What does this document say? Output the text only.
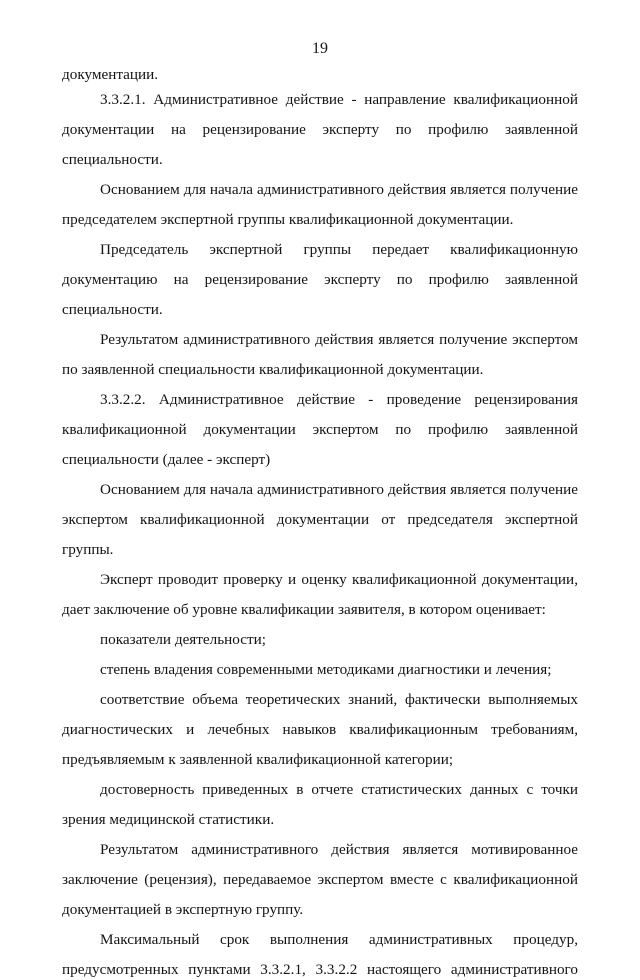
19
документации.
3.3.2.1. Административное действие - направление квалификационной
документации на рецензирование эксперту по профилю заявленной
специальности.
Основанием для начала административного действия является получение
председателем экспертной группы квалификационной документации.
Председатель экспертной группы передает квалификационную
документацию на рецензирование эксперту по профилю заявленной
специальности.
Результатом административного действия является получение экспертом
по заявленной специальности квалификационной документации.
3.3.2.2. Административное действие - проведение рецензирования
квалификационной документации экспертом по профилю заявленной
специальности (далее - эксперт)
Основанием для начала административного действия является получение
экспертом квалификационной документации от председателя экспертной
группы.
Эксперт проводит проверку и оценку квалификационной документации,
дает заключение об уровне квалификации заявителя, в котором оценивает:
показатели деятельности;
степень владения современными методиками диагностики и лечения;
соответствие объема теоретических знаний, фактически выполняемых
диагностических и лечебных навыков квалификационным требованиям,
предъявляемым к заявленной квалификационной категории;
достоверность приведенных в отчете статистических данных с точки
зрения медицинской статистики.
Результатом административного действия является мотивированное
заключение (рецензия), передаваемое экспертом вместе с квалификационной
документацией в экспертную группу.
Максимальный срок выполнения административных процедур,
предусмотренных пунктами 3.3.2.1, 3.3.2.2 настоящего административного
